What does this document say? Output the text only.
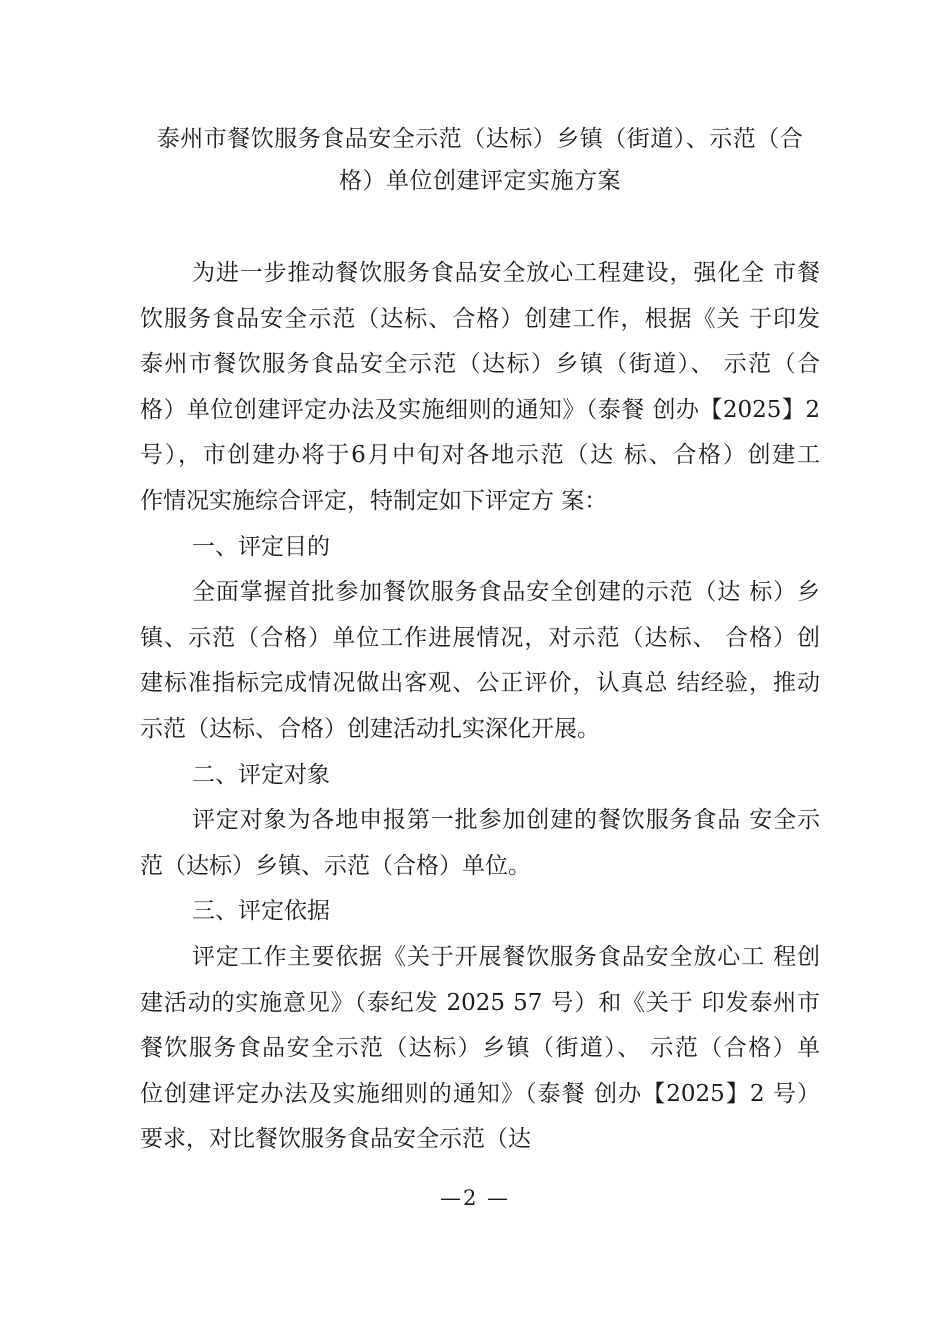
泰州市餐饮服务食品安全示范（达标）乡镇（街道）、示范（合
格）单位创建评定实施方案
为进一步推动餐饮服务食品安全放心工程建设，强化全 市餐
饮服务食品安全示范（达标、合格）创建工作，根据《关 于印发
泰州市餐饮服务食品安全示范（达标）乡镇（街道）、 示范（合
格）单位创建评定办法及实施细则的通知》（泰餐 创办【2025】2
号），市创建办将于6月中旬对各地示范（达 标、合格）创建工
作情况实施综合评定，特制定如下评定方 案：
一、评定目的
全面掌握首批参加餐饮服务食品安全创建的示范（达 标）乡
镇、示范（合格）单位工作进展情况，对示范（达标、 合格）创
建标准指标完成情况做出客观、公正评价，认真总 结经验，推动
示范（达标、合格）创建活动扎实深化开展。
二、评定对象
评定对象为各地申报第一批参加创建的餐饮服务食品 安全示
范（达标）乡镇、示范（合格）单位。
三、评定依据
评定工作主要依据《关于开展餐饮服务食品安全放心工 程创
建活动的实施意见》（泰纪发 2025 57 号）和《关于 印发泰州市
餐饮服务食品安全示范（达标）乡镇（街道）、 示范（合格）单
位创建评定办法及实施细则的通知》（泰餐 创办【2025】2 号）
要求，对比餐饮服务食品安全示范（达
—2 —
